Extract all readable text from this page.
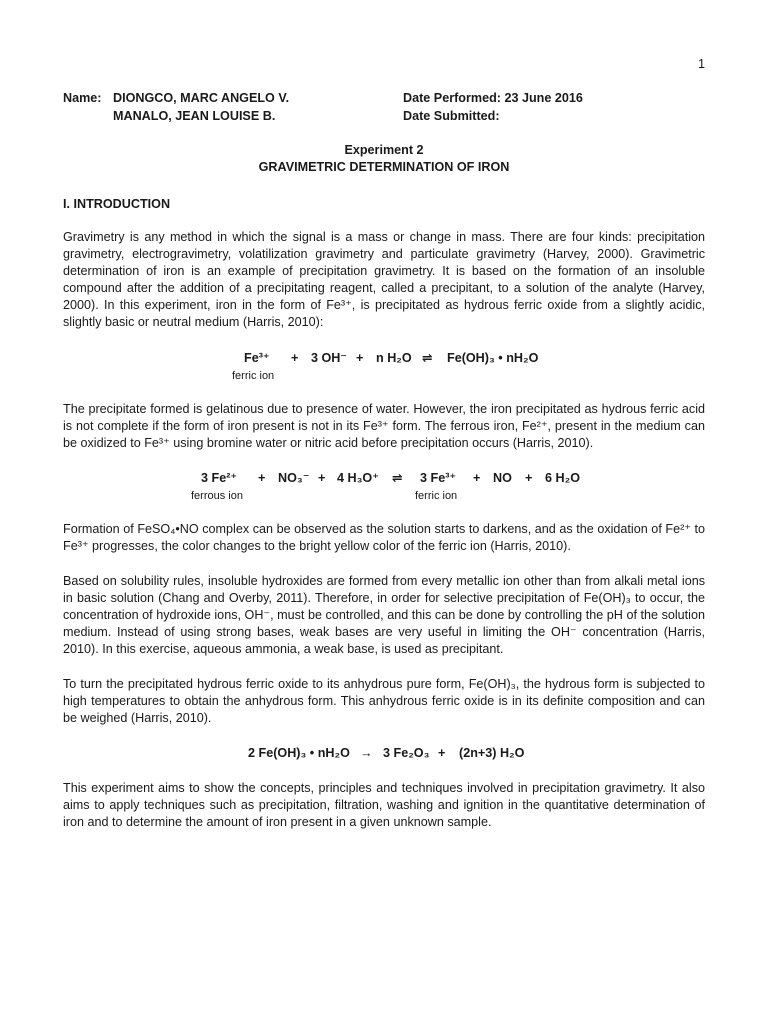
1
Name: DIONGCO, MARC ANGELO V.	Date Performed: 23 June 2016
MANALO, JEAN LOUISE B.	Date Submitted:
Experiment 2
GRAVIMETRIC DETERMINATION OF IRON
I. INTRODUCTION

Gravimetry is any method in which the signal is a mass or change in mass. There are four kinds: precipitation gravimetry, electrogravimetry, volatilization gravimetry and particulate gravimetry (Harvey, 2000). Gravimetric determination of iron is an example of precipitation gravimetry. It is based on the formation of an insoluble compound after the addition of a precipitating reagent, called a precipitant, to a solution of the analyte (Harvey, 2000). In this experiment, iron in the form of Fe³⁺, is precipitated as hydrous ferric oxide from a slightly acidic, slightly basic or neutral medium (Harris, 2010):

Fe³⁺
ferric ion
+ 3 OH⁻ + n H₂O ⇌ Fe(OH)₃ • nH₂O

The precipitate formed is gelatinous due to presence of water. However, the iron precipitated as hydrous ferric acid is not complete if the form of iron present is not in its Fe³⁺ form. The ferrous iron, Fe²⁺, present in the medium can be oxidized to Fe³⁺ using bromine water or nitric acid before precipitation occurs (Harris, 2010).

3 Fe²⁺
ferrous ion
+ NO₃⁻ + 4 H₃O⁺ ⇌ 3 Fe³⁺
ferric ion
+ NO + 6 H₂O

Formation of FeSO₄•NO complex can be observed as the solution starts to darkens, and as the oxidation of Fe²⁺ to Fe³⁺ progresses, the color changes to the bright yellow color of the ferric ion (Harris, 2010).

Based on solubility rules, insoluble hydroxides are formed from every metallic ion other than from alkali metal ions in basic solution (Chang and Overby, 2011). Therefore, in order for selective precipitation of Fe(OH)₃ to occur, the concentration of hydroxide ions, OH⁻, must be controlled, and this can be done by controlling the pH of the solution medium. Instead of using strong bases, weak bases are very useful in limiting the OH⁻ concentration (Harris, 2010). In this exercise, aqueous ammonia, a weak base, is used as precipitant.

To turn the precipitated hydrous ferric oxide to its anhydrous pure form, Fe(OH)₃, the hydrous form is subjected to high temperatures to obtain the anhydrous form. This anhydrous ferric oxide is in its definite composition and can be weighed (Harris, 2010).

2 Fe(OH)₃ • nH₂O → 3 Fe₂O₃ + (2n+3) H₂O

This experiment aims to show the concepts, principles and techniques involved in precipitation gravimetry. It also aims to apply techniques such as precipitation, filtration, washing and ignition in the quantitative determination of iron and to determine the amount of iron present in a given unknown sample.
